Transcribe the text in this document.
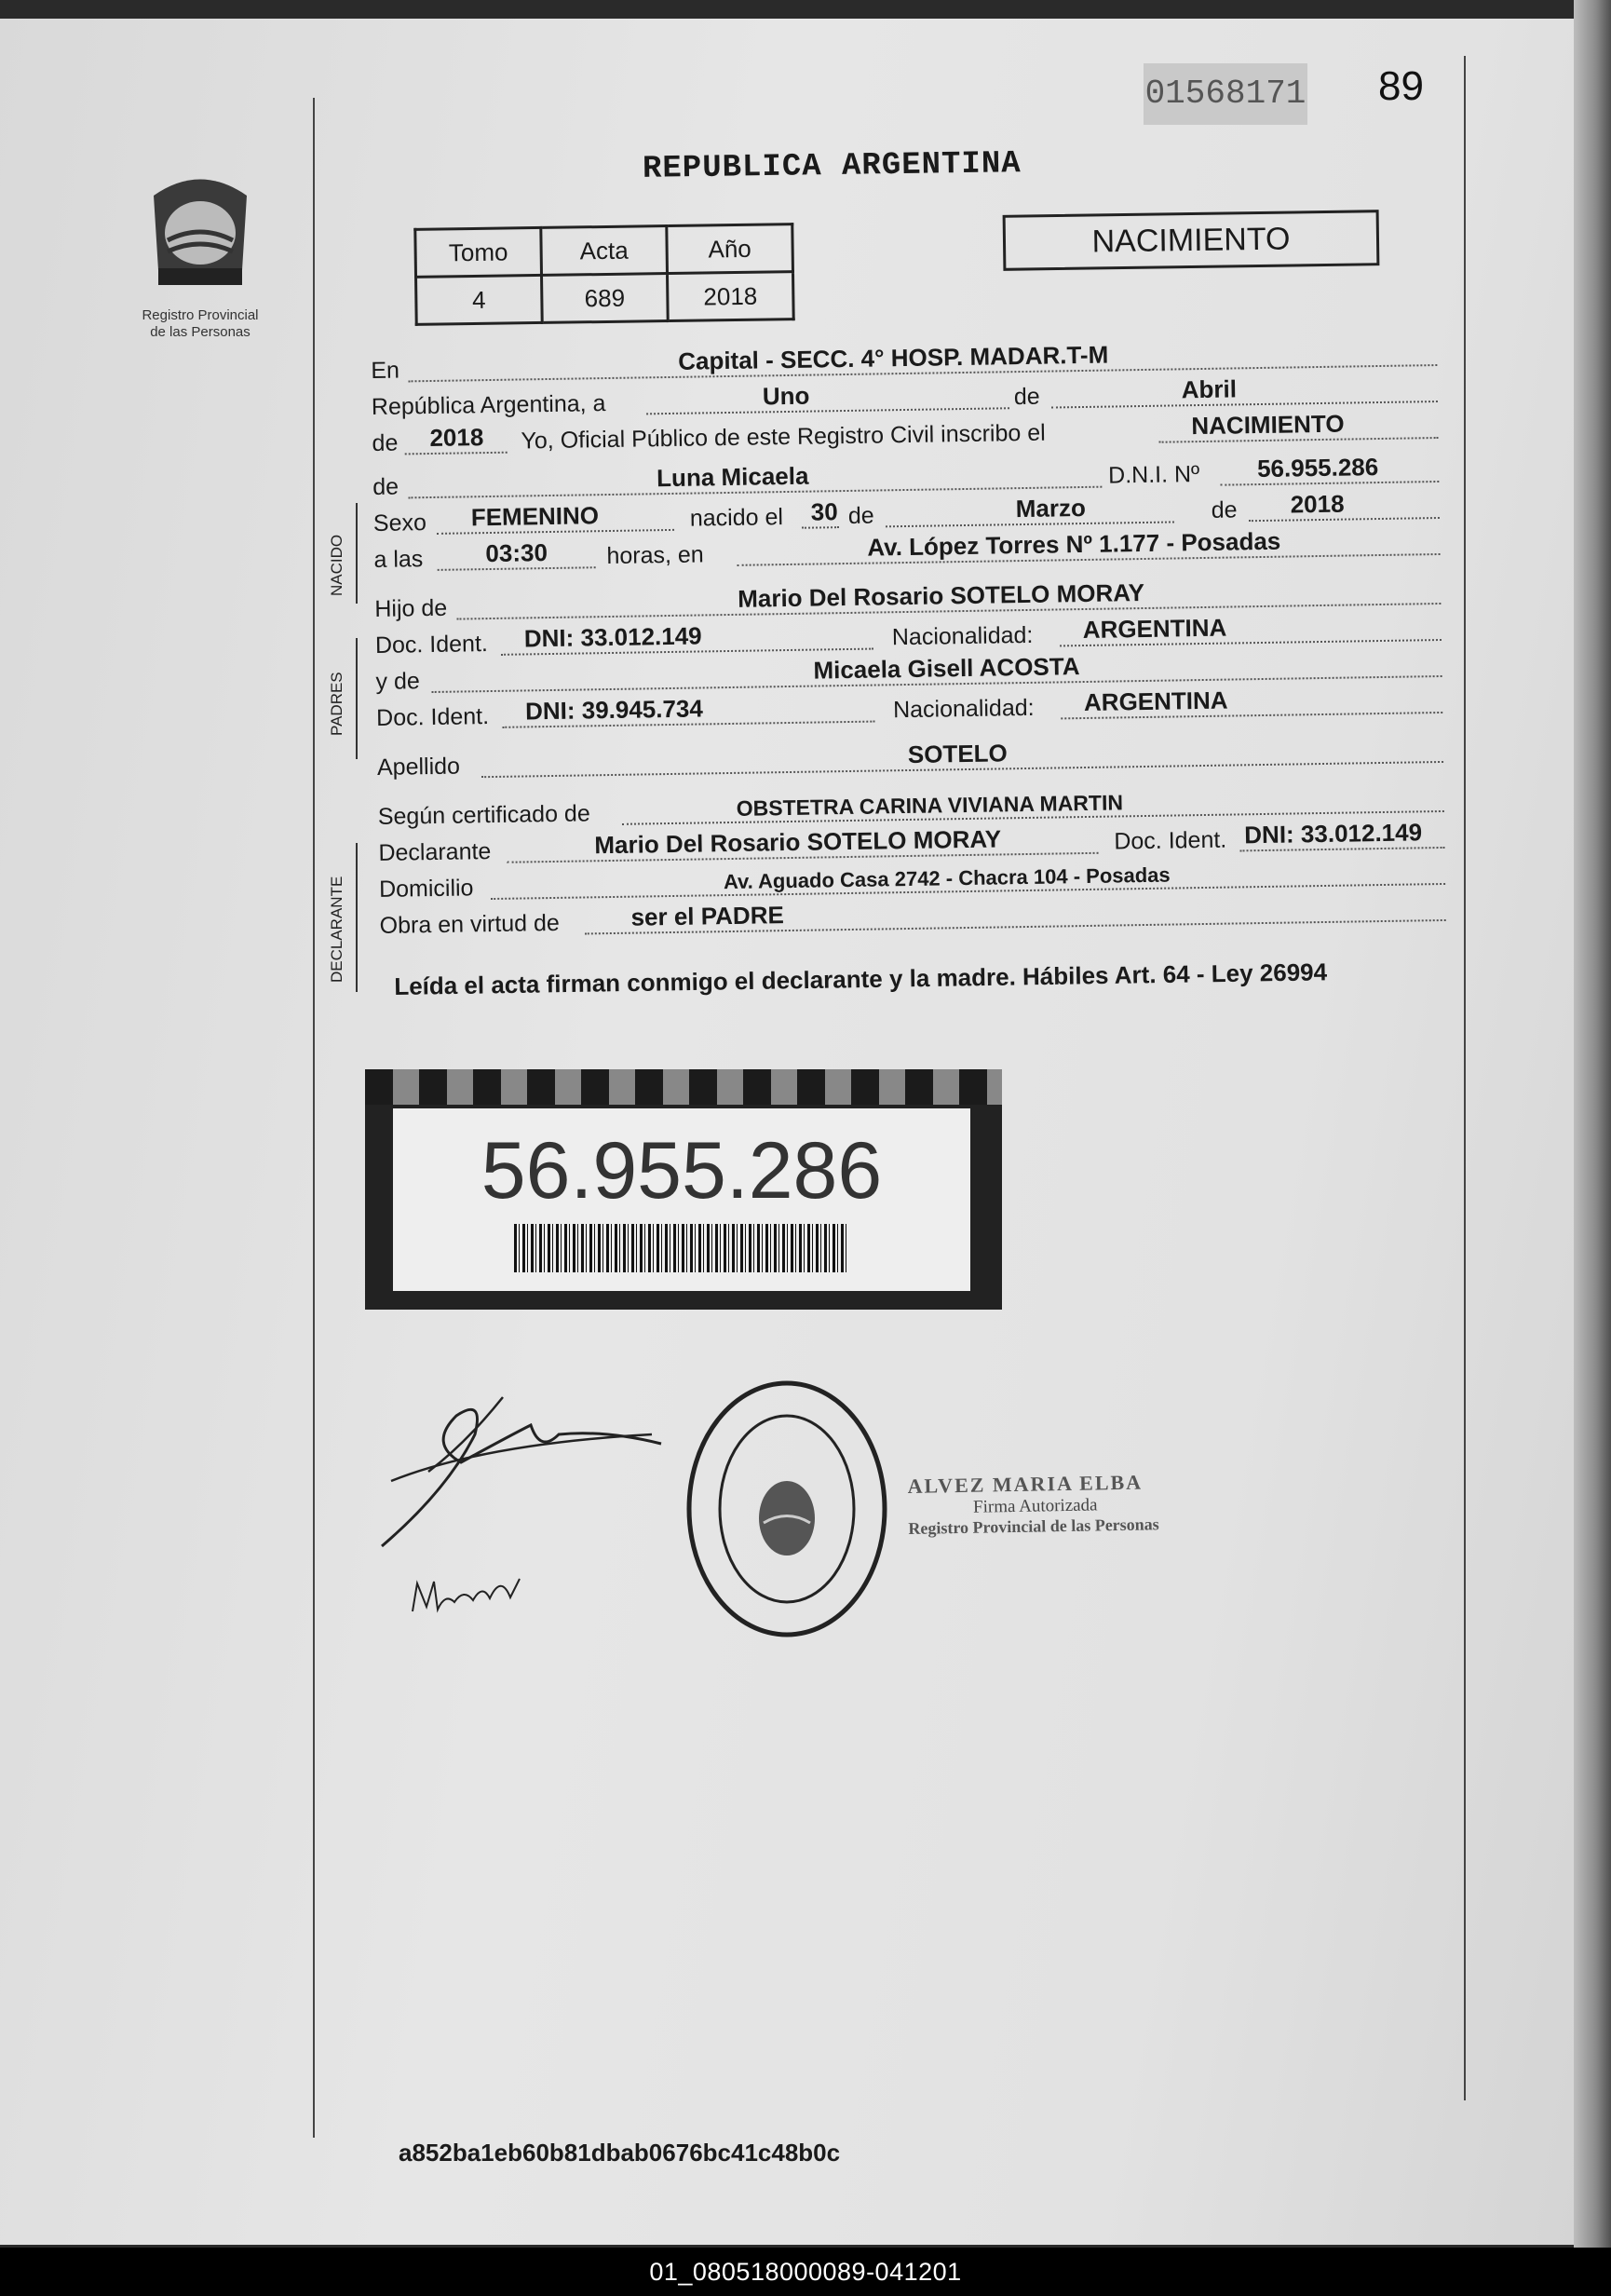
01568171 89
Registro Provincial
de las Personas
REPUBLICA ARGENTINA
Tomo	Acta	Año
4	689	2018
NACIMIENTO
En	Capital - SECC. 4° HOSP. MADAR.T-M
República Argentina, a	Uno	de	Abril
de 2018 Yo, Oficial Público de este Registro Civil inscribo el	NACIMIENTO
de	Luna Micaela	D.N.I. Nº 56.955.286
Sexo FEMENINO	nacido el 30 de	Marzo	de 2018
a las	03:30	horas, en	Av. López Torres Nº 1.177 - Posadas
Hijo de	Mario Del Rosario SOTELO MORAY
Doc. Ident. DNI: 33.012.149	Nacionalidad: ARGENTINA
y de	Micaela Gisell ACOSTA
Doc. Ident. DNI: 39.945.734	Nacionalidad: ARGENTINA
Apellido	SOTELO
Según certificado de	OBSTETRA CARINA VIVIANA MARTIN
Declarante	Mario Del Rosario SOTELO MORAY	Doc. Ident. DNI: 33.012.149
Domicilio	Av. Aguado Casa 2742 - Chacra 104 - Posadas
Obra en virtud de	ser el PADRE
NACIDO
PADRES
DECLARANTE Leída el acta firman conmigo el declarante y la madre. Hábiles Art. 64 - Ley 26994
56.955.286
ALVEZ MARIA ELBA
Firma Autorizada
Registro Provincial de las Personas
a852ba1eb60b81dbab0676bc41c48b0c
01_080518000089-041201
